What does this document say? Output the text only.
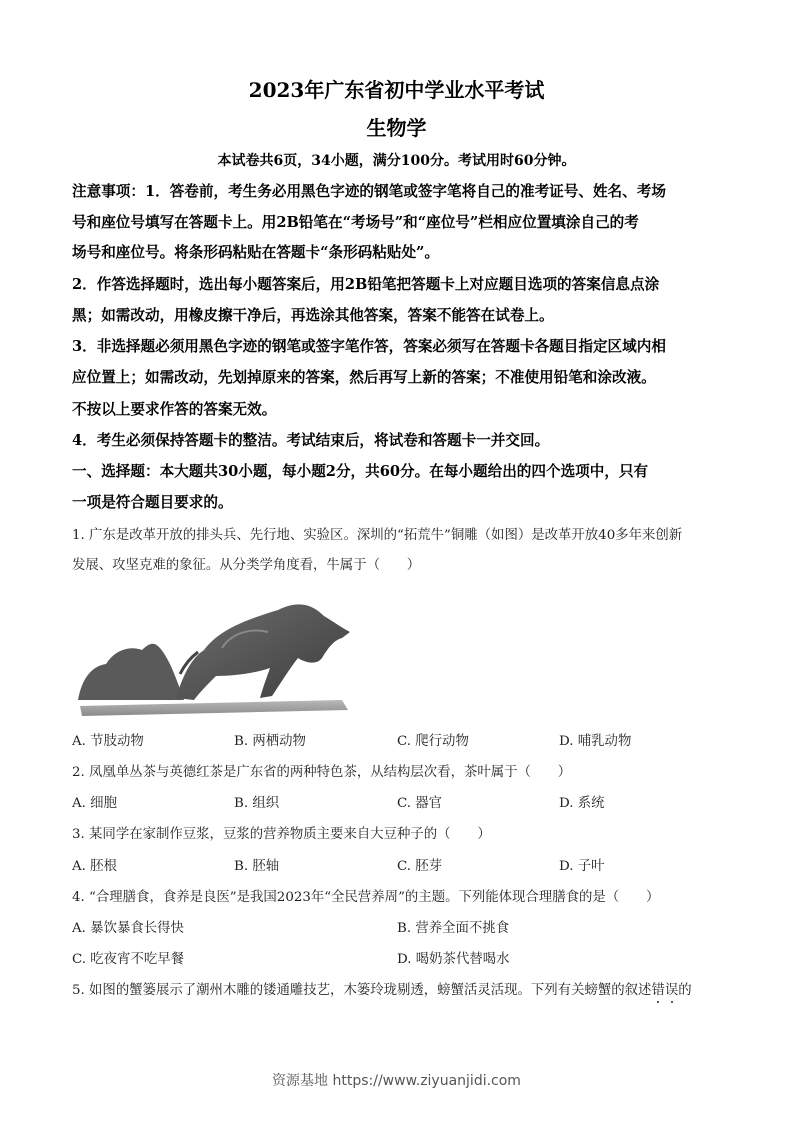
2023年广东省初中学业水平考试
生物学
本试卷共6页，34小题，满分100分。考试用时60分钟。
注意事项：1．答卷前，考生务必用黑色字迹的钢笔或签字笔将自己的准考证号、姓名、考场
号和座位号填写在答题卡上。用2B铅笔在“考场号”和“座位号”栏相应位置填涂自己的考
场号和座位号。将条形码粘贴在答题卡“条形码粘贴处”。
2．作答选择题时，选出每小题答案后，用2B铅笔把答题卡上对应题目选项的答案信息点涂
黑；如需改动，用橡皮擦干净后，再选涂其他答案，答案不能答在试卷上。
3．非选择题必须用黑色字迹的钢笔或签字笔作答，答案必须写在答题卡各题目指定区域内相
应位置上；如需改动，先划掉原来的答案，然后再写上新的答案；不准使用铅笔和涂改液。
不按以上要求作答的答案无效。
4．考生必须保持答题卡的整洁。考试结束后，将试卷和答题卡一并交回。
一、选择题：本大题共30小题，每小题2分，共60分。在每小题给出的四个选项中，只有
一项是符合题目要求的。
1. 广东是改革开放的排头兵、先行地、实验区。深圳的“拓荒牛”铜雕（如图）是改革开放40多年来创新
发展、攻坚克难的象征。从分类学角度看，牛属于（　　）
A. 节肢动物	B. 两栖动物	C. 爬行动物	D. 哺乳动物
2. 凤凰单丛茶与英德红茶是广东省的两种特色茶，从结构层次看，茶叶属于（　　）
A. 细胞	B. 组织	C. 器官	D. 系统
3. 某同学在家制作豆浆，豆浆的营养物质主要来自大豆种子的（　　）
A. 胚根	B. 胚轴	C. 胚芽	D. 子叶
4. “合理膳食，食养是良医”是我国2023年“全民营养周”的主题。下列能体现合理膳食的是（　　）
A. 暴饮暴食长得快	B. 营养全面不挑食
C. 吃夜宵不吃早餐	D. 喝奶茶代替喝水
5. 如图的蟹篓展示了潮州木雕的镂通雕技艺，木篓玲珑剔透，螃蟹活灵活现。下列有关螃蟹的叙述错误的
资源基地 https://www.ziyuanjidi.com
